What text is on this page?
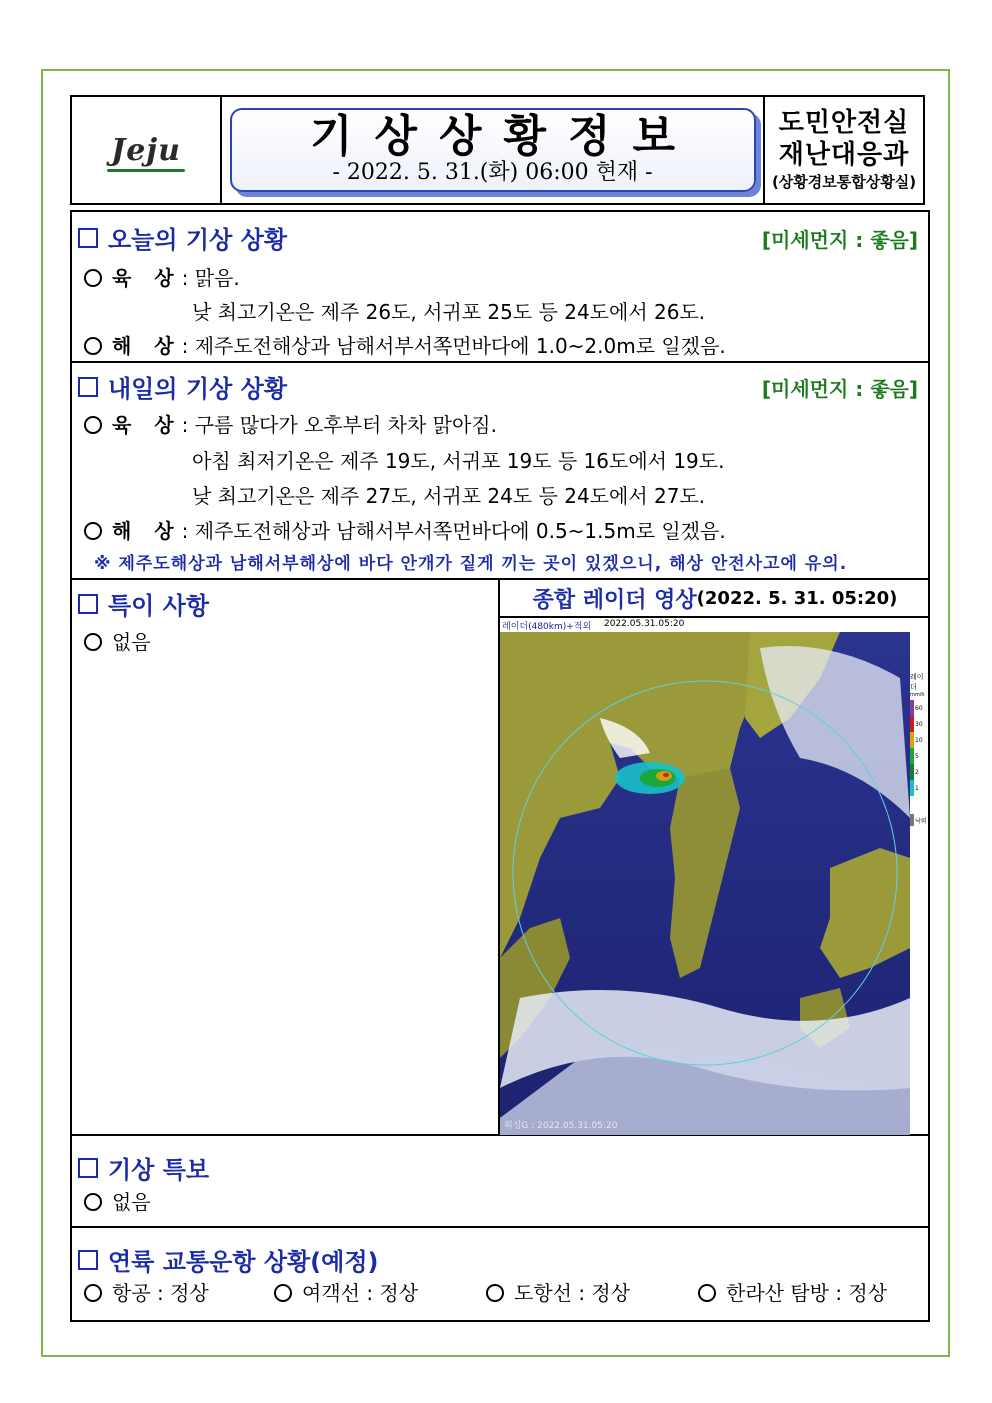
Jeju	기상상황정보
- 2022. 5. 31.(화) 06:00 현재 -
도민안전실
재난대응과
(상황경보통합상황실)
오늘의 기상 상황	[미세먼지 : 좋음]
육 상: 맑음.
낮 최고기온은 제주 26도, 서귀포 25도 등 24도에서 26도.
해 상: 제주도전해상과 남해서부서쪽먼바다에 1.0~2.0m로 일겠음.
내일의 기상 상황	[미세먼지 : 좋음]
육 상: 구름 많다가 오후부터 차차 맑아짐.
아침 최저기온은 제주 19도, 서귀포 19도 등 16도에서 19도.
낮 최고기온은 제주 27도, 서귀포 24도 등 24도에서 27도.
해 상: 제주도전해상과 남해서부서쪽먼바다에 0.5~1.5m로 일겠음.
※ 제주도해상과 남해서부해상에 바다 안개가 짙게 끼는 곳이 있겠으니, 해상 안전사고에 유의.
특이 사항
없음
종합 레이더 영상 (2022. 5. 31. 05:20)
레이더(480km)+적외 2022.05.31.05:20
위성G : 2022.05.31.05:20
레이더
mm/h
60
30
10
5
2
1
낙뢰
기상 특보
없음
연륙 교통운항 상황(예정)
항공 : 정상	여객선 : 정상	도항선 : 정상	한라산 탐방 : 정상
